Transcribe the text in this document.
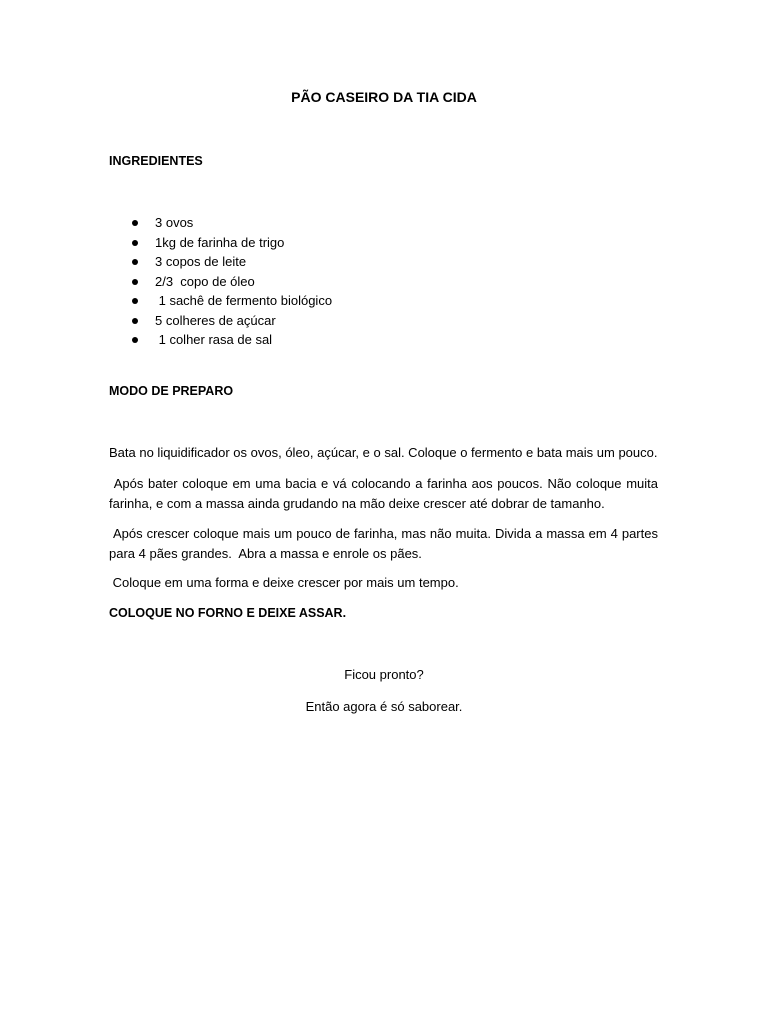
PÃO CASEIRO DA TIA CIDA
INGREDIENTES
3 ovos
1kg de farinha de trigo
3 copos de leite
2/3  copo de óleo
1 sachê de fermento biológico
5 colheres de açúcar
1 colher rasa de sal
MODO DE PREPARO

Bata no liquidificador os ovos, óleo, açúcar, e o sal. Coloque o fermento e bata mais um pouco.

Após bater coloque em uma bacia e vá colocando a farinha aos poucos. Não coloque muita farinha, e com a massa ainda grudando na mão deixe crescer até dobrar de tamanho.

Após crescer coloque mais um pouco de farinha, mas não muita. Divida a massa em 4 partes para 4 pães grandes.  Abra a massa e enrole os pães.

Coloque em uma forma e deixe crescer por mais um tempo.

COLOQUE NO FORNO E DEIXE ASSAR.

Ficou pronto?
Então agora é só saborear.
